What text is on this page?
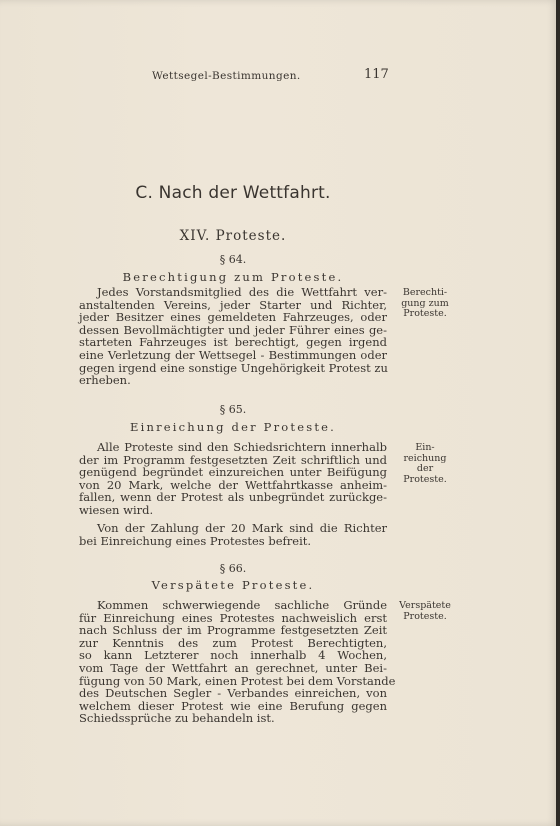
Wettsegel-Bestimmungen.	117
C. Nach der Wettfahrt.
XIV. Proteste.
§ 64.
Berechtigung zum Proteste.
Jedes Vorstandsmitglied des die Wettfahrt ver-
anstaltenden Vereins, jeder Starter und Richter,
jeder Besitzer eines gemeldeten Fahrzeuges, oder
dessen Bevollmächtigter und jeder Führer eines ge-
starteten Fahrzeuges ist berechtigt, gegen irgend
eine Verletzung der Wettsegel - Bestimmungen oder
gegen irgend eine sonstige Ungehörigkeit Protest zu
erheben.
Berechti-
gung zum
Proteste.
§ 65.
Einreichung der Proteste.
Alle Proteste sind den Schiedsrichtern innerhalb
der im Programm festgesetzten Zeit schriftlich und
genügend begründet einzureichen unter Beifügung
von 20 Mark, welche der Wettfahrtkasse anheim-
fallen, wenn der Protest als unbegründet zurückge-
wiesen wird.
Von der Zahlung der 20 Mark sind die Richter
bei Einreichung eines Protestes befreit.
Ein-
reichung
der
Proteste.
§ 66.
Verspätete Proteste.
Kommen schwerwiegende sachliche Gründe
für Einreichung eines Protestes nachweislich erst
nach Schluss der im Programme festgesetzten Zeit
zur Kenntnis des zum Protest Berechtigten,
so kann Letzterer noch innerhalb 4 Wochen,
vom Tage der Wettfahrt an gerechnet, unter Bei-
fügung von 50 Mark, einen Protest bei dem Vorstande
des Deutschen Segler - Verbandes einreichen, von
welchem dieser Protest wie eine Berufung gegen
Schiedssprüche zu behandeln ist.
Verspätete
Proteste.
